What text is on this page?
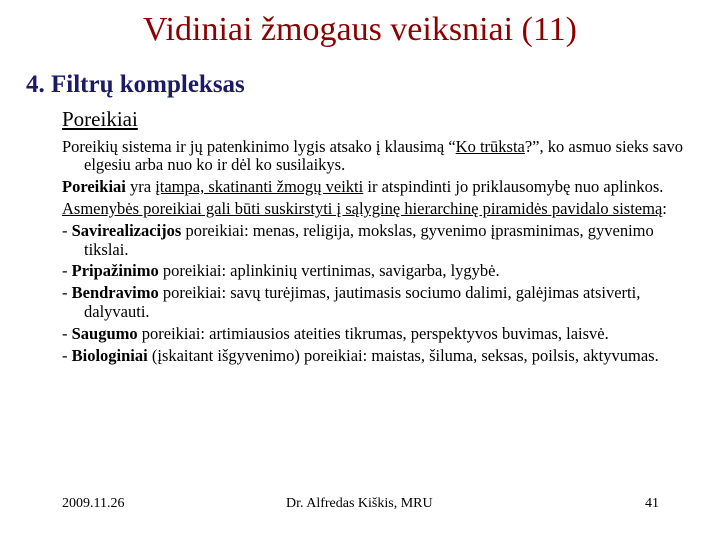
Vidiniai žmogaus veiksniai (11)
4. Filtrų kompleksas
Poreikiai

Poreikių sistema ir jų patenkinimo lygis atsako į klausimą “Ko trūksta?”, ko asmuo sieks savo elgesiu arba nuo ko ir dėl ko susilaikys.

Poreikiai yra įtampa, skatinanti žmogų veikti ir atspindinti jo priklausomybę nuo aplinkos.

Asmenybės poreikiai gali būti suskirstyti į sąlyginę hierarchinę piramidės pavidalo sistemą:

- Savirealizacijos poreikiai: menas, religija, mokslas, gyvenimo įprasminimas, gyvenimo tikslai.

- Pripažinimo poreikiai: aplinkinių vertinimas, savigarba, lygybė.

- Bendravimo poreikiai: savų turėjimas, jautimasis sociumo dalimi, galėjimas atsiverti, dalyvauti.

- Saugumo poreikiai: artimiausios ateities tikrumas, perspektyvos buvimas, laisvė.

- Biologiniai (įskaitant išgyvenimo) poreikiai: maistas, šiluma, seksas, poilsis, aktyvumas.

2009.11.26	Dr. Alfredas Kiškis, MRU	41
